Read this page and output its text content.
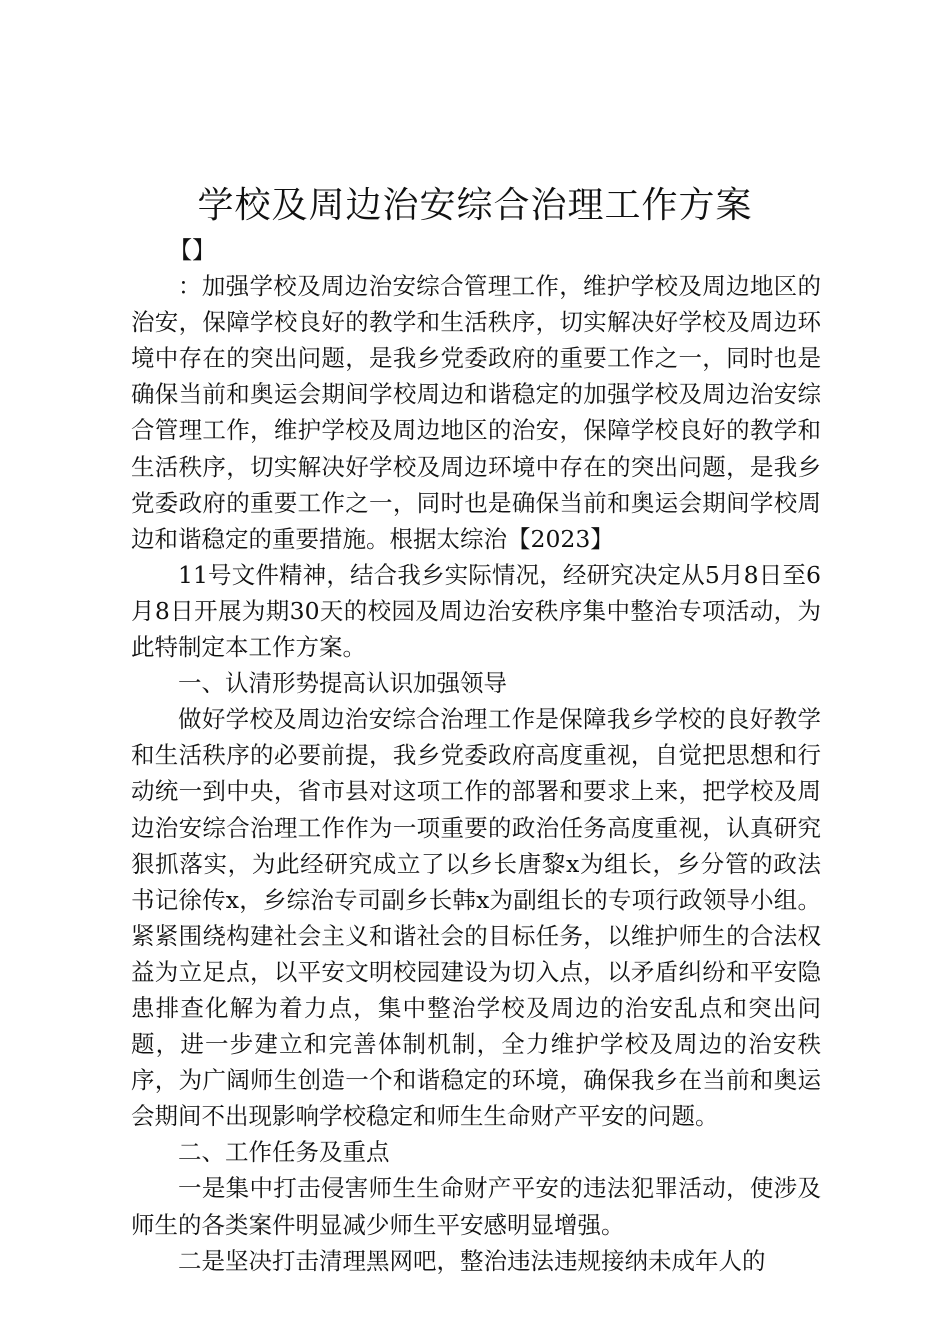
学校及周边治安综合治理工作方案

【】

：加强学校及周边治安综合管理工作，维护学校及周边地区的治安，保障学校良好的教学和生活秩序，切实解决好学校及周边环境中存在的突出问题，是我乡党委政府的重要工作之一，同时也是确保当前和奥运会期间学校周边和谐稳定的加强学校及周边治安综合管理工作，维护学校及周边地区的治安，保障学校良好的教学和生活秩序，切实解决好学校及周边环境中存在的突出问题，是我乡党委政府的重要工作之一，同时也是确保当前和奥运会期间学校周边和谐稳定的重要措施。根据太综治【2023】

11号文件精神，结合我乡实际情况，经研究决定从5月8日至6月8日开展为期30天的校园及周边治安秩序集中整治专项活动，为此特制定本工作方案。

一、认清形势提高认识加强领导

做好学校及周边治安综合治理工作是保障我乡学校的良好教学和生活秩序的必要前提，我乡党委政府高度重视，自觉把思想和行动统一到中央，省市县对这项工作的部署和要求上来，把学校及周边治安综合治理工作作为一项重要的政治任务高度重视，认真研究狠抓落实，为此经研究成立了以乡长唐黎x为组长，乡分管的政法书记徐传x，乡综治专司副乡长韩x为副组长的专项行政领导小组。紧紧围绕构建社会主义和谐社会的目标任务，以维护师生的合法权益为立足点，以平安文明校园建设为切入点，以矛盾纠纷和平安隐患排查化解为着力点，集中整治学校及周边的治安乱点和突出问题，进一步建立和完善体制机制，全力维护学校及周边的治安秩序，为广阔师生创造一个和谐稳定的环境，确保我乡在当前和奥运会期间不出现影响学校稳定和师生生命财产平安的问题。

二、工作任务及重点

一是集中打击侵害师生生命财产平安的违法犯罪活动，使涉及师生的各类案件明显减少师生平安感明显增强。

二是坚决打击清理黑网吧，整治违法违规接纳未成年人的
